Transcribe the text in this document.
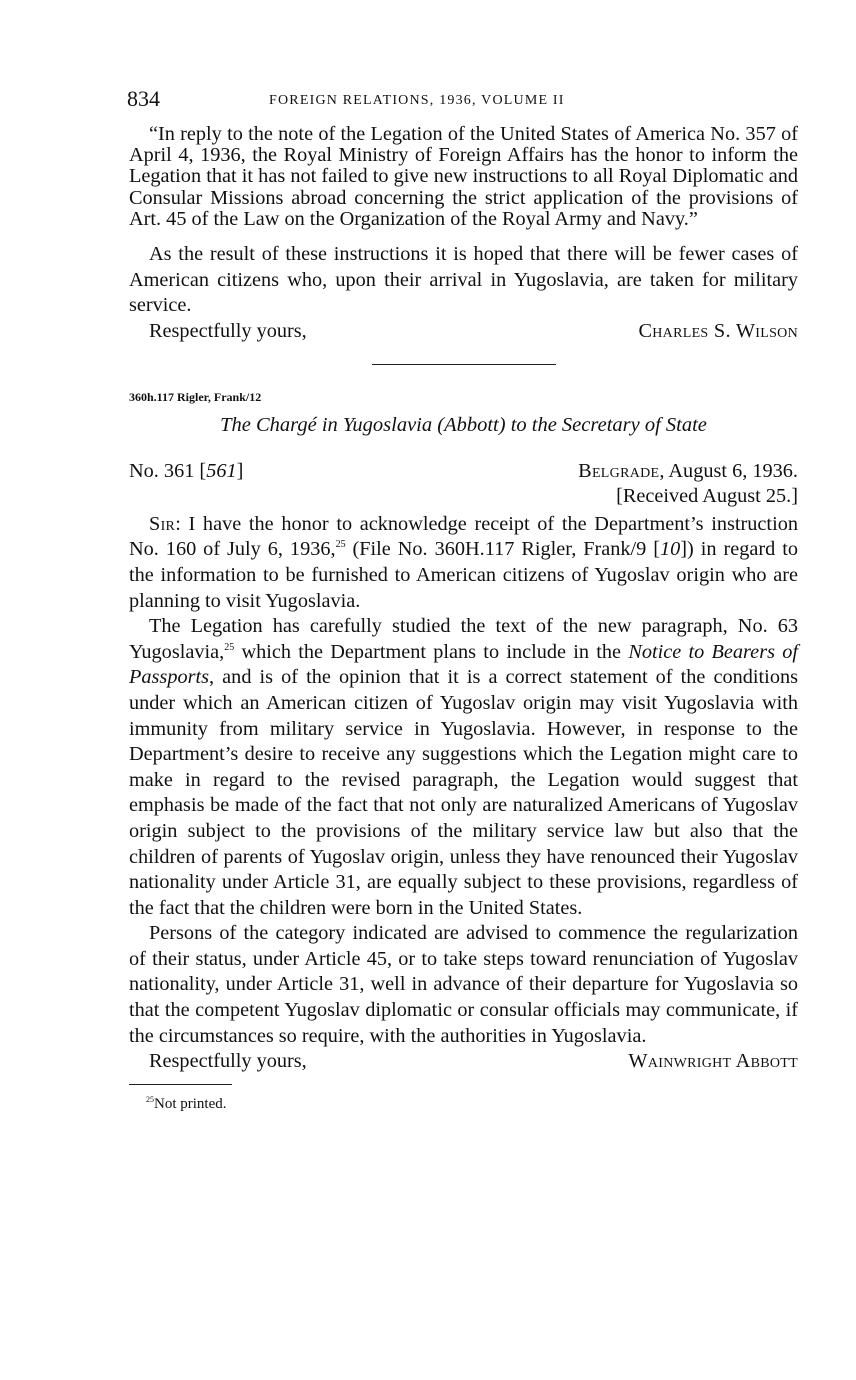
834	FOREIGN RELATIONS, 1936, VOLUME II

“In reply to the note of the Legation of the United States of America No. 357 of April 4, 1936, the Royal Ministry of Foreign Affairs has the honor to inform the Legation that it has not failed to give new instructions to all Royal Diplomatic and Consular Missions abroad concerning the strict application of the provisions of Art. 45 of the Law on the Organization of the Royal Army and Navy.”

As the result of these instructions it is hoped that there will be fewer cases of American citizens who, upon their arrival in Yugoslavia, are taken for military service.

Respectfully yours,	Charles S. Wilson
360h.117 Rigler, Frank/12
The Chargé in Yugoslavia (Abbott) to the Secretary of State
No. 361 [561]	Belgrade, August 6, 1936.
[Received August 25.]

Sir: I have the honor to acknowledge receipt of the Department’s instruction No. 160 of July 6, 1936,25 (File No. 360H.117 Rigler, Frank/9 [10]) in regard to the information to be furnished to American citizens of Yugoslav origin who are planning to visit Yugoslavia.

The Legation has carefully studied the text of the new paragraph, No. 63 Yugoslavia,$^{25}$ which the Department plans to include in the Notice to Bearers of Passports, and is of the opinion that it is a correct statement of the conditions under which an American citizen of Yugoslav origin may visit Yugoslavia with immunity from military service in Yugoslavia. However, in response to the Department’s desire to receive any suggestions which the Legation might care to make in regard to the revised paragraph, the Legation would suggest that emphasis be made of the fact that not only are naturalized Americans of Yugoslav origin subject to the provisions of the military service law but also that the children of parents of Yugoslav origin, unless they have renounced their Yugoslav nationality under Article 31, are equally subject to these provisions, regardless of the fact that the children were born in the United States.

Persons of the category indicated are advised to commence the regularization of their status, under Article 45, or to take steps toward renunciation of Yugoslav nationality, under Article 31, well in advance of their departure for Yugoslavia so that the competent Yugoslav diplomatic or consular officials may communicate, if the circumstances so require, with the authorities in Yugoslavia.

Respectfully yours,	Wainwright Abbott
$^{25}$Not printed.
